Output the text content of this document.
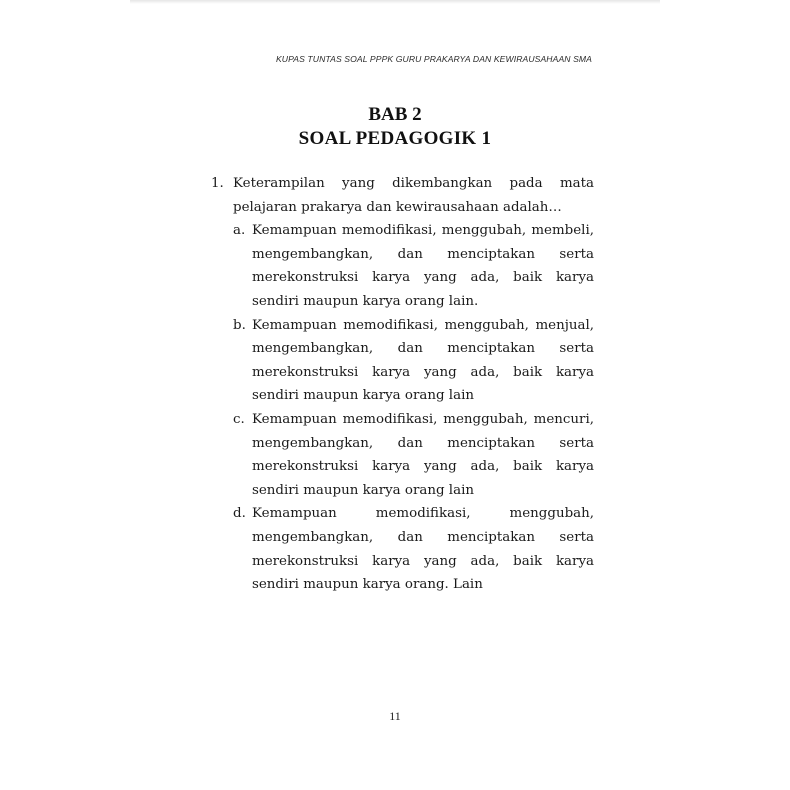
KUPAS TUNTAS SOAL PPPK GURU PRAKARYA DAN KEWIRAUSAHAAN SMA
BAB 2
SOAL PEDAGOGIK 1
1. Keterampilan yang dikembangkan pada mata pelajaran prakarya dan kewirausahaan adalah…
a. Kemampuan memodifikasi, menggubah, membeli, mengembangkan, dan menciptakan serta merekonstruksi karya yang ada, baik karya sendiri maupun karya orang lain.
b. Kemampuan memodifikasi, menggubah, menjual, mengembangkan, dan menciptakan serta merekonstruksi karya yang ada, baik karya sendiri maupun karya orang lain
c. Kemampuan memodifikasi, menggubah, mencuri, mengembangkan, dan menciptakan serta merekonstruksi karya yang ada, baik karya sendiri maupun karya orang lain
d. Kemampuan memodifikasi, menggubah, mengembangkan, dan menciptakan serta merekonstruksi karya yang ada, baik karya sendiri maupun karya orang. Lain
11
